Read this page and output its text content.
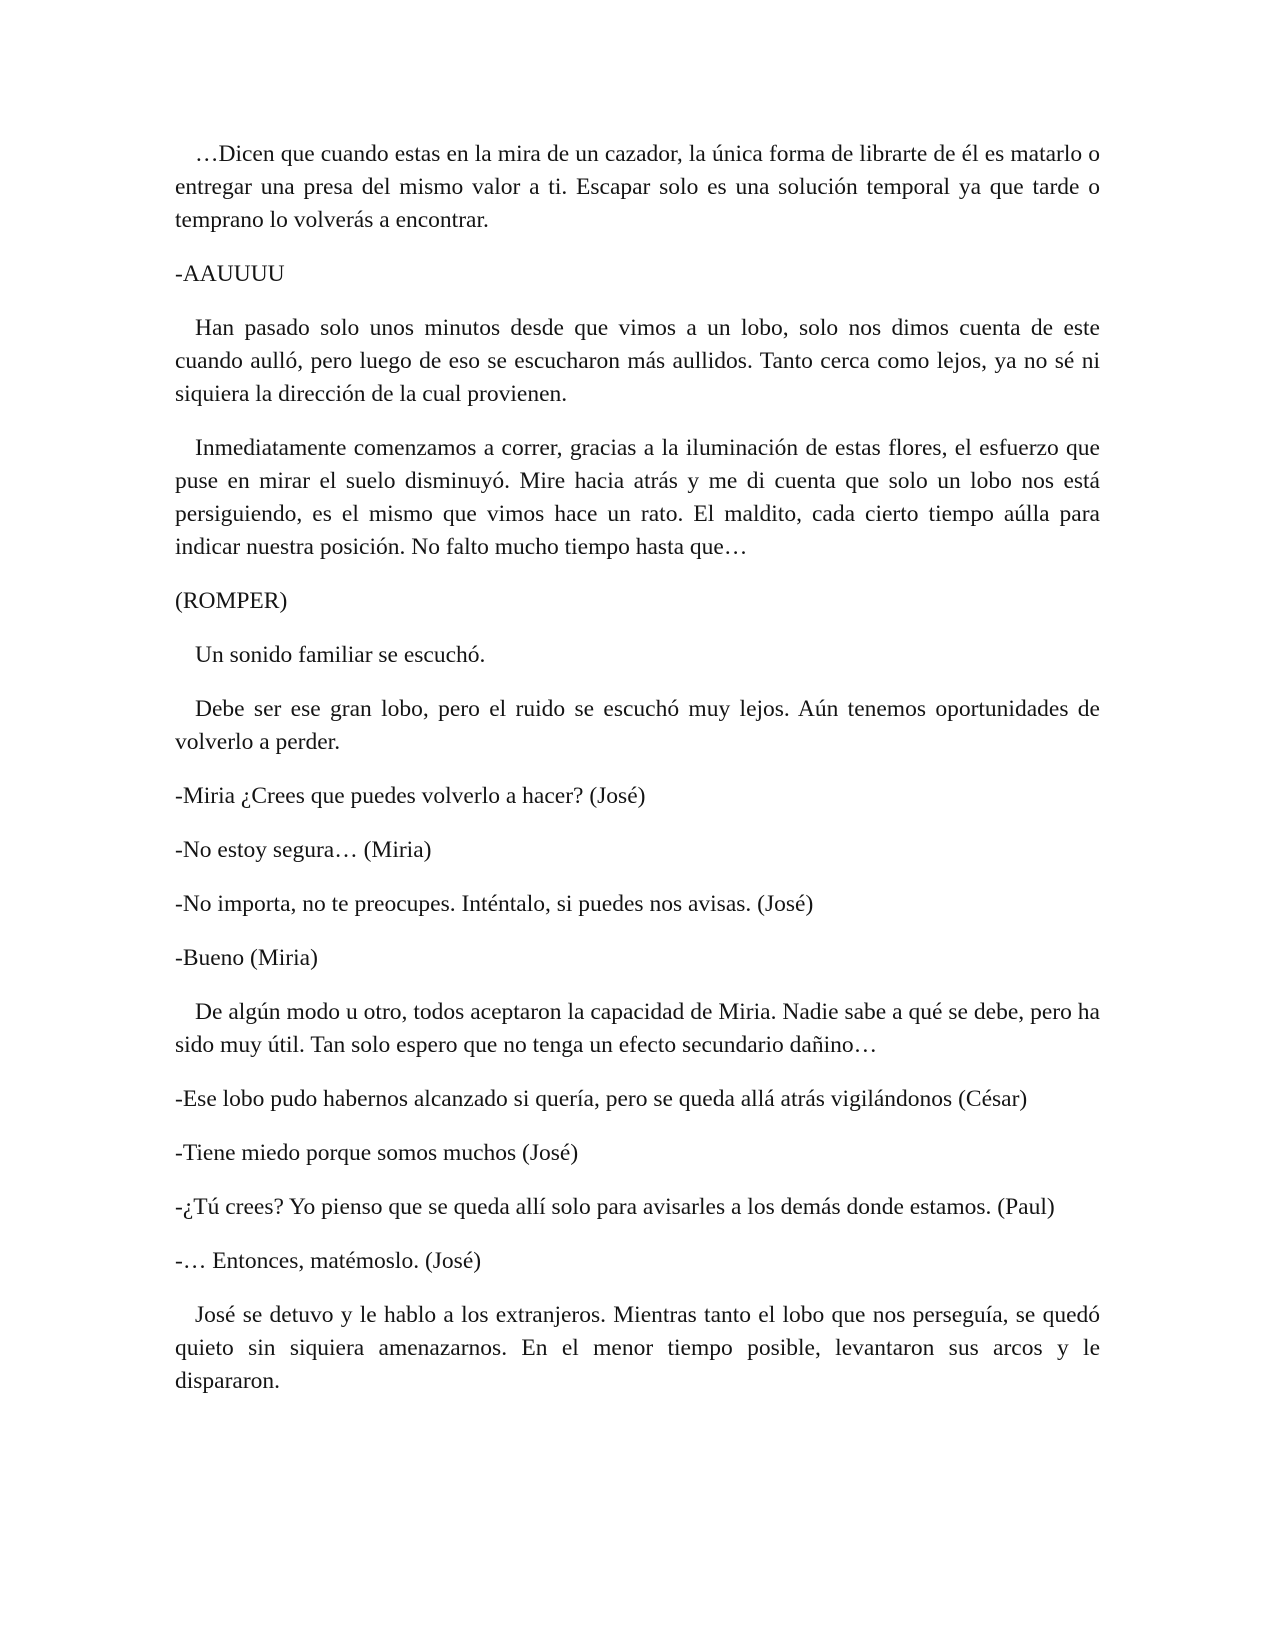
…Dicen que cuando estas en la mira de un cazador, la única forma de librarte de él es matarlo o entregar una presa del mismo valor a ti. Escapar solo es una solución temporal ya que tarde o temprano lo volverás a encontrar.

-AAUUUU

Han pasado solo unos minutos desde que vimos a un lobo, solo nos dimos cuenta de este cuando aulló, pero luego de eso se escucharon más aullidos. Tanto cerca como lejos, ya no sé ni siquiera la dirección de la cual provienen.

Inmediatamente comenzamos a correr, gracias a la iluminación de estas flores, el esfuerzo que puse en mirar el suelo disminuyó. Mire hacia atrás y me di cuenta que solo un lobo nos está persiguiendo, es el mismo que vimos hace un rato. El maldito, cada cierto tiempo aúlla para indicar nuestra posición. No falto mucho tiempo hasta que…

(ROMPER)

Un sonido familiar se escuchó.

Debe ser ese gran lobo, pero el ruido se escuchó muy lejos. Aún tenemos oportunidades de volverlo a perder.

-Miria ¿Crees que puedes volverlo a hacer? (José)

-No estoy segura… (Miria)

-No importa, no te preocupes. Inténtalo, si puedes nos avisas. (José)

-Bueno (Miria)

De algún modo u otro, todos aceptaron la capacidad de Miria. Nadie sabe a qué se debe, pero ha sido muy útil. Tan solo espero que no tenga un efecto secundario dañino…

-Ese lobo pudo habernos alcanzado si quería, pero se queda allá atrás vigilándonos (César)

-Tiene miedo porque somos muchos (José)

-¿Tú crees? Yo pienso que se queda allí solo para avisarles a los demás donde estamos. (Paul)

-… Entonces, matémoslo. (José)

José se detuvo y le hablo a los extranjeros. Mientras tanto el lobo que nos perseguía, se quedó quieto sin siquiera amenazarnos. En el menor tiempo posible, levantaron sus arcos y le dispararon.
